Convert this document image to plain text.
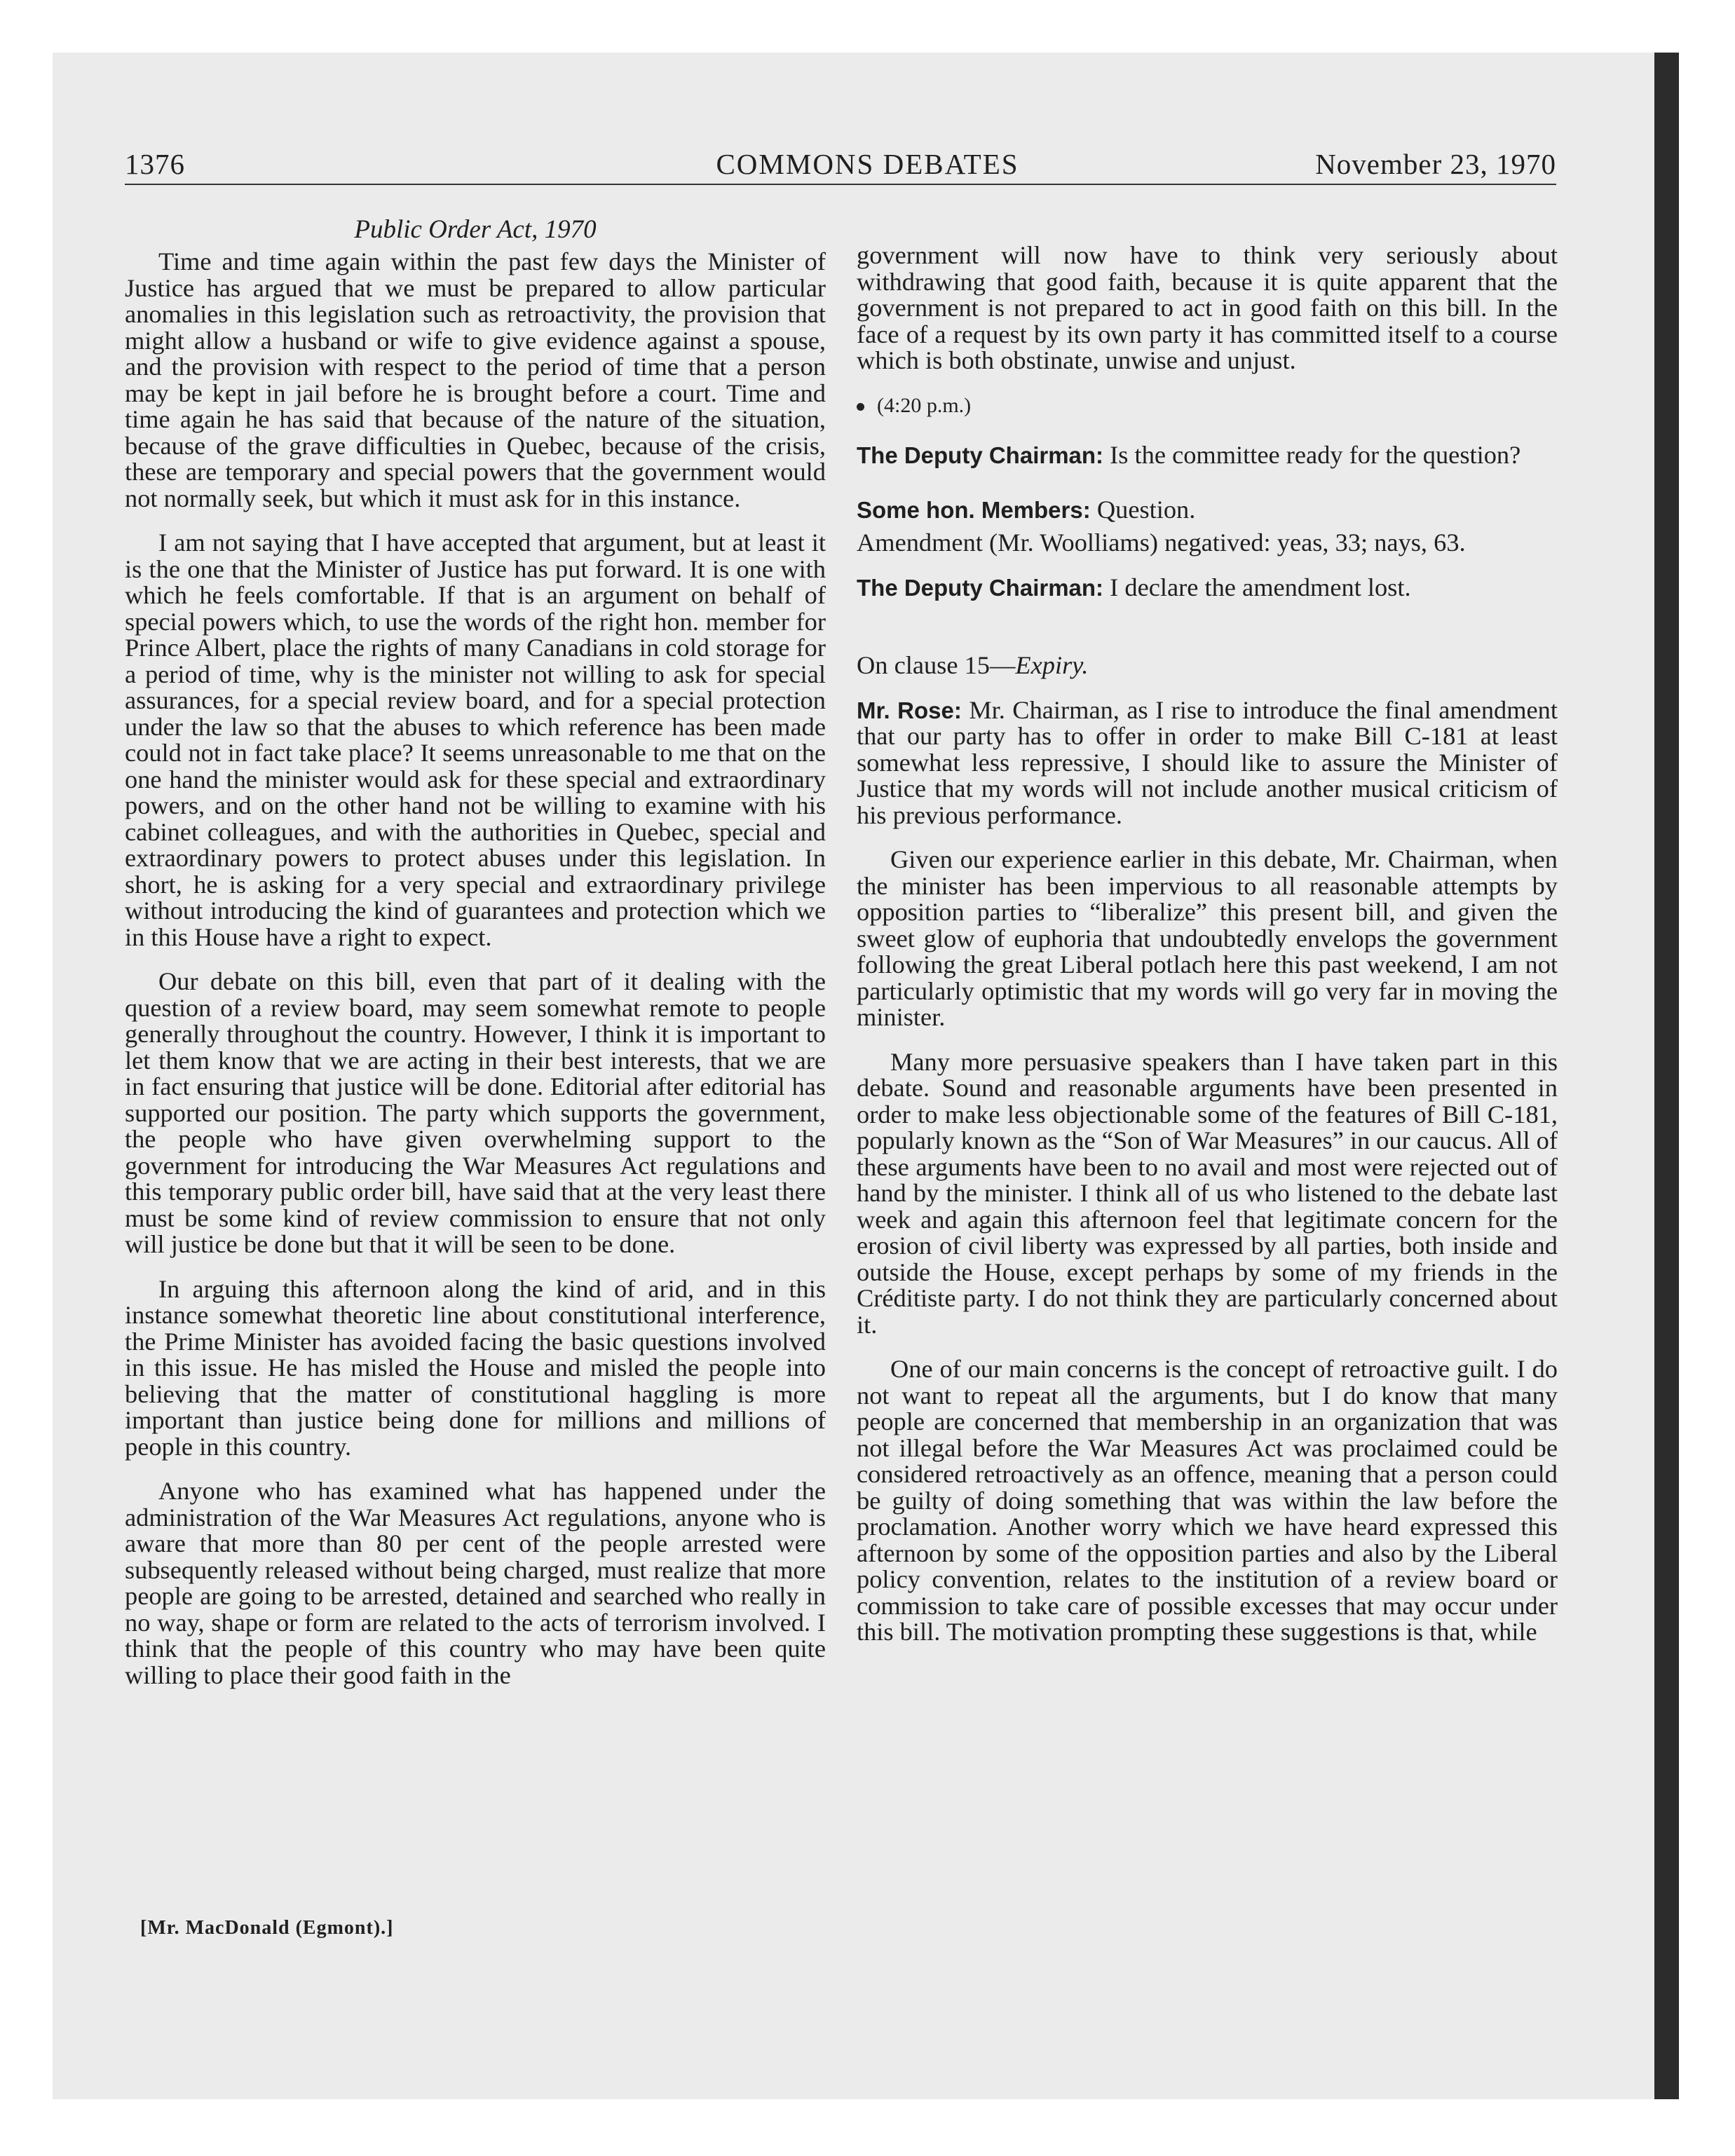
1376	COMMONS DEBATES	November 23, 1970
Public Order Act, 1970

Time and time again within the past few days the Minister of Justice has argued that we must be prepared to allow particular anomalies in this legislation such as retroactivity, the provision that might allow a husband or wife to give evidence against a spouse, and the provision with respect to the period of time that a person may be kept in jail before he is brought before a court. Time and time again he has said that because of the nature of the situation, because of the grave difficulties in Quebec, because of the crisis, these are temporary and special powers that the government would not normally seek, but which it must ask for in this instance.

I am not saying that I have accepted that argument, but at least it is the one that the Minister of Justice has put forward. It is one with which he feels comfortable. If that is an argument on behalf of special powers which, to use the words of the right hon. member for Prince Albert, place the rights of many Canadians in cold storage for a period of time, why is the minister not willing to ask for special assurances, for a special review board, and for a special protection under the law so that the abuses to which reference has been made could not in fact take place? It seems unreasonable to me that on the one hand the minister would ask for these special and extraordinary powers, and on the other hand not be willing to examine with his cabinet colleagues, and with the authorities in Quebec, special and extraordinary powers to protect abuses under this legislation. In short, he is asking for a very special and extraordinary privilege without introducing the kind of guarantees and protection which we in this House have a right to expect.

Our debate on this bill, even that part of it dealing with the question of a review board, may seem somewhat remote to people generally throughout the country. However, I think it is important to let them know that we are acting in their best interests, that we are in fact ensuring that justice will be done. Editorial after editorial has supported our position. The party which supports the government, the people who have given overwhelming support to the government for introducing the War Measures Act regulations and this temporary public order bill, have said that at the very least there must be some kind of review commission to ensure that not only will justice be done but that it will be seen to be done.

In arguing this afternoon along the kind of arid, and in this instance somewhat theoretic line about constitutional interference, the Prime Minister has avoided facing the basic questions involved in this issue. He has misled the House and misled the people into believing that the matter of constitutional haggling is more important than justice being done for millions and millions of people in this country.

Anyone who has examined what has happened under the administration of the War Measures Act regulations, anyone who is aware that more than 80 per cent of the people arrested were subsequently released without being charged, must realize that more people are going to be arrested, detained and searched who really in no way, shape or form are related to the acts of terrorism involved. I think that the people of this country who may have been quite willing to place their good faith in the

government will now have to think very seriously about withdrawing that good faith, because it is quite apparent that the government is not prepared to act in good faith on this bill. In the face of a request by its own party it has committed itself to a course which is both obstinate, unwise and unjust.

(4:20 p.m.)

The Deputy Chairman: Is the committee ready for the question?

Some hon. Members: Question.

Amendment (Mr. Woolliams) negatived: yeas, 33; nays, 63.

The Deputy Chairman: I declare the amendment lost.

On clause 15—Expiry.

Mr. Rose: Mr. Chairman, as I rise to introduce the final amendment that our party has to offer in order to make Bill C-181 at least somewhat less repressive, I should like to assure the Minister of Justice that my words will not include another musical criticism of his previous performance.

Given our experience earlier in this debate, Mr. Chairman, when the minister has been impervious to all reasonable attempts by opposition parties to “liberalize” this present bill, and given the sweet glow of euphoria that undoubtedly envelops the government following the great Liberal potlach here this past weekend, I am not particularly optimistic that my words will go very far in moving the minister.

Many more persuasive speakers than I have taken part in this debate. Sound and reasonable arguments have been presented in order to make less objectionable some of the features of Bill C-181, popularly known as the “Son of War Measures” in our caucus. All of these arguments have been to no avail and most were rejected out of hand by the minister. I think all of us who listened to the debate last week and again this afternoon feel that legitimate concern for the erosion of civil liberty was expressed by all parties, both inside and outside the House, except perhaps by some of my friends in the Créditiste party. I do not think they are particularly concerned about it.

One of our main concerns is the concept of retroactive guilt. I do not want to repeat all the arguments, but I do know that many people are concerned that membership in an organization that was not illegal before the War Measures Act was proclaimed could be considered retroactively as an offence, meaning that a person could be guilty of doing something that was within the law before the proclamation. Another worry which we have heard expressed this afternoon by some of the opposition parties and also by the Liberal policy convention, relates to the institution of a review board or commission to take care of possible excesses that may occur under this bill. The motivation prompting these suggestions is that, while

[Mr. MacDonald (Egmont).]
